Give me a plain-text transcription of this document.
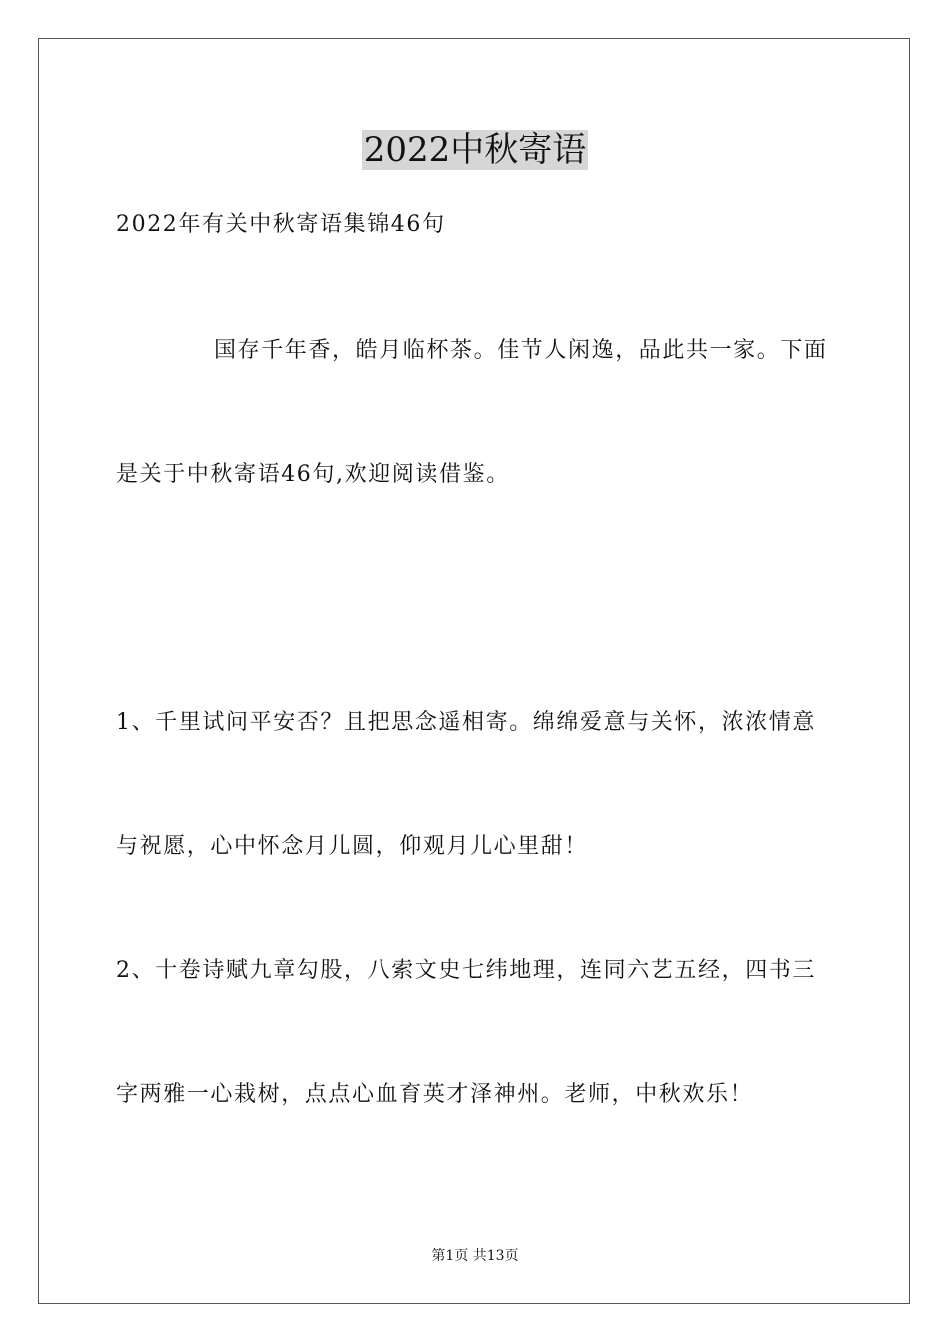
2022中秋寄语
2022年有关中秋寄语集锦46句
国存千年香，皓月临杯茶。佳节人闲逸，品此共一家。下面
是关于中秋寄语46句,欢迎阅读借鉴。
1、千里试问平安否？且把思念遥相寄。绵绵爱意与关怀，浓浓情意
与祝愿，心中怀念月儿圆，仰观月儿心里甜！
2、十卷诗赋九章勾股，八索文史七纬地理，连同六艺五经，四书三
字两雅一心栽树，点点心血育英才泽神州。老师，中秋欢乐！
第1页 共13页
